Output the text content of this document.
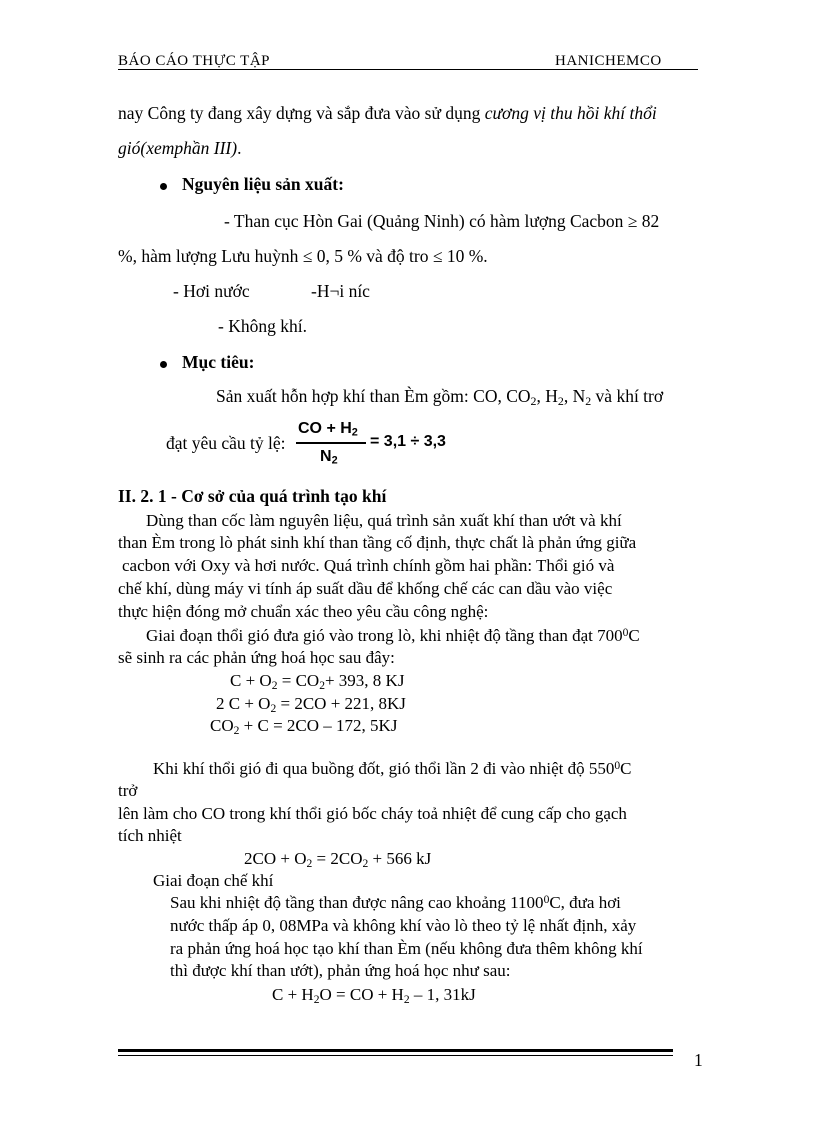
BÁO CÁO THỰC TẬP	HANICHEMCO
nay Công ty đang xây dựng và sắp đưa vào sử dụng cương vị thu hồi khí thổi
gió(xemphần III).
Nguyên liệu sản xuất:
- Than cục Hòn Gai (Quảng Ninh) có hàm lượng Cacbon ≥ 82
%, hàm lượng Lưu huỳnh ≤ 0, 5 % và độ tro ≤ 10 %.
- Hơi nước	-H¬i níc
- Không khí.
Mục tiêu:
Sản xuất hỗn hợp khí than Èm gồm: CO, $CO_2$, $H_2$, $N_2$ và khí trơ
đạt yêu cầu tỷ lệ:
CO + $H_2$
$N_2$
= 3,1 ÷ 3,3
II. 2. 1 - Cơ sở của quá trình tạo khí
Dùng than cốc làm nguyên liệu, quá trình sản xuất khí than ướt và khí
than Èm trong lò phát sinh khí than tầng cố định, thực chất là phản ứng giữa
cacbon với Oxy và hơi nước. Quá trình chính gồm hai phần: Thổi gió và
chế khí, dùng máy vi tính áp suất dầu để khống chế các can dầu vào việc
thực hiện đóng mở chuẩn xác theo yêu cầu công nghệ:
Giai đoạn thổi gió đưa gió vào trong lò, khi nhiệt độ tầng than đạt $700^0C$
sẽ sinh ra các phản ứng hoá học sau đây:
$C + O_2 = CO_2+ 393$, 8 KJ
2 $C + O_2 = 2CO + 221$, 8KJ
$CO_2 + C = 2CO - 172$, 5KJ
Khi khí thổi gió đi qua buồng đốt, gió thổi lần 2 đi vào nhiệt độ $550^0C$
trở
lên làm cho CO trong khí thổi gió bốc cháy toả nhiệt để cung cấp cho gạch
tích nhiệt
$2CO + O_2 = 2CO_2 + 566$ kJ
Giai đoạn chế khí
Sau khi nhiệt độ tầng than được nâng cao khoảng 1100$^0$C, đưa hơi
nước thấp áp 0, 08MPa và không khí vào lò theo tỷ lệ nhất định, xảy
ra phản ứng hoá học tạo khí than Èm (nếu không đưa thêm không khí
thì được khí than ướt), phản ứng hoá học như sau:
$C + H_2O$ = CO + $H_2 - 1$, 31kJ
1
